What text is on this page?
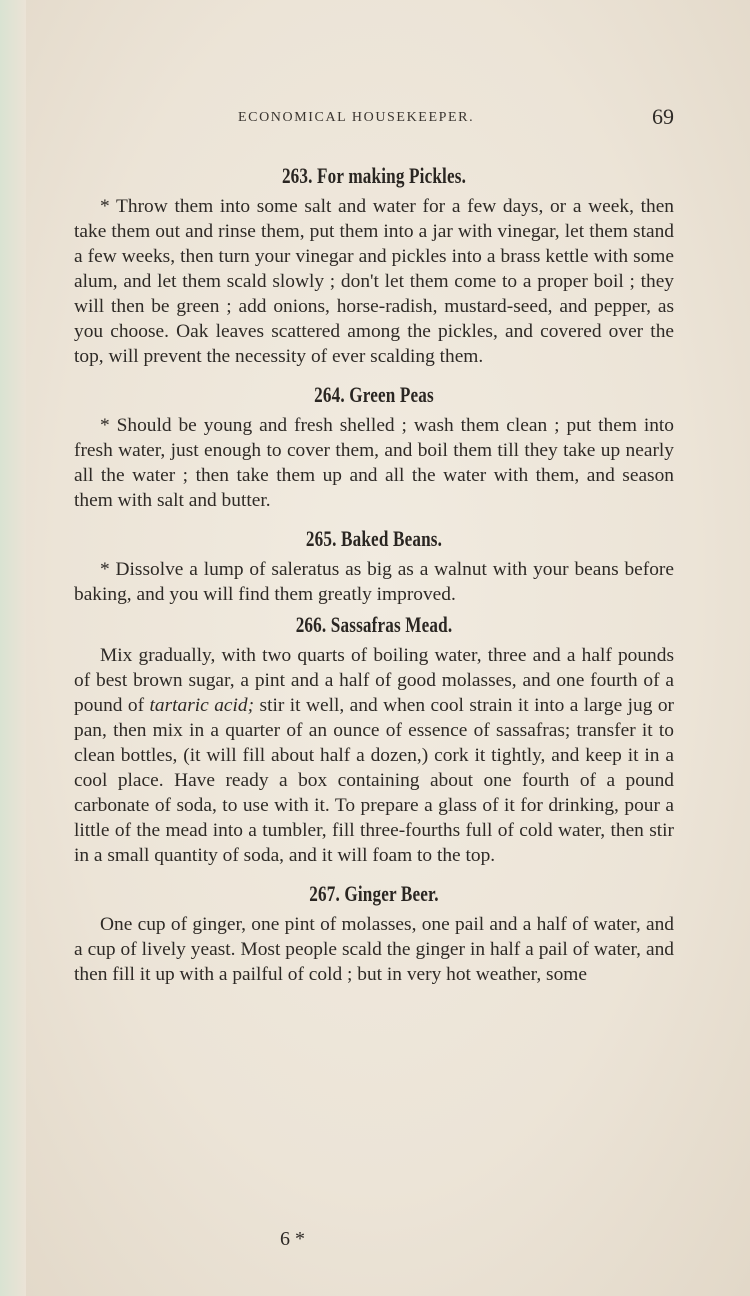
ECONOMICAL HOUSEKEEPER.	69
263. For making Pickles.

* Throw them into some salt and water for a few days, or a week, then take them out and rinse them, put them into a jar with vinegar, let them stand a few weeks, then turn your vinegar and pickles into a brass kettle with some alum, and let them scald slowly ; don't let them come to a proper boil ; they will then be green ; add onions, horse-radish, mustard-seed, and pepper, as you choose. Oak leaves scattered among the pickles, and covered over the top, will prevent the necessity of ever scalding them.

264. Green Peas

* Should be young and fresh shelled ; wash them clean ; put them into fresh water, just enough to cover them, and boil them till they take up nearly all the water ; then take them up and all the water with them, and season them with salt and butter.

265. Baked Beans.

* Dissolve a lump of saleratus as big as a walnut with your beans before baking, and you will find them greatly improved.

266. Sassafras Mead.

Mix gradually, with two quarts of boiling water, three and a half pounds of best brown sugar, a pint and a half of good molasses, and one fourth of a pound of tartaric acid; stir it well, and when cool strain it into a large jug or pan, then mix in a quarter of an ounce of essence of sassafras; transfer it to clean bottles, (it will fill about half a dozen,) cork it tightly, and keep it in a cool place. Have ready a box containing about one fourth of a pound carbonate of soda, to use with it. To prepare a glass of it for drinking, pour a little of the mead into a tumbler, fill three-fourths full of cold water, then stir in a small quantity of soda, and it will foam to the top.

267. Ginger Beer.

One cup of ginger, one pint of molasses, one pail and a half of water, and a cup of lively yeast. Most people scald the ginger in half a pail of water, and then fill it up with a pailful of cold ; but in very hot weather, some

6 *
